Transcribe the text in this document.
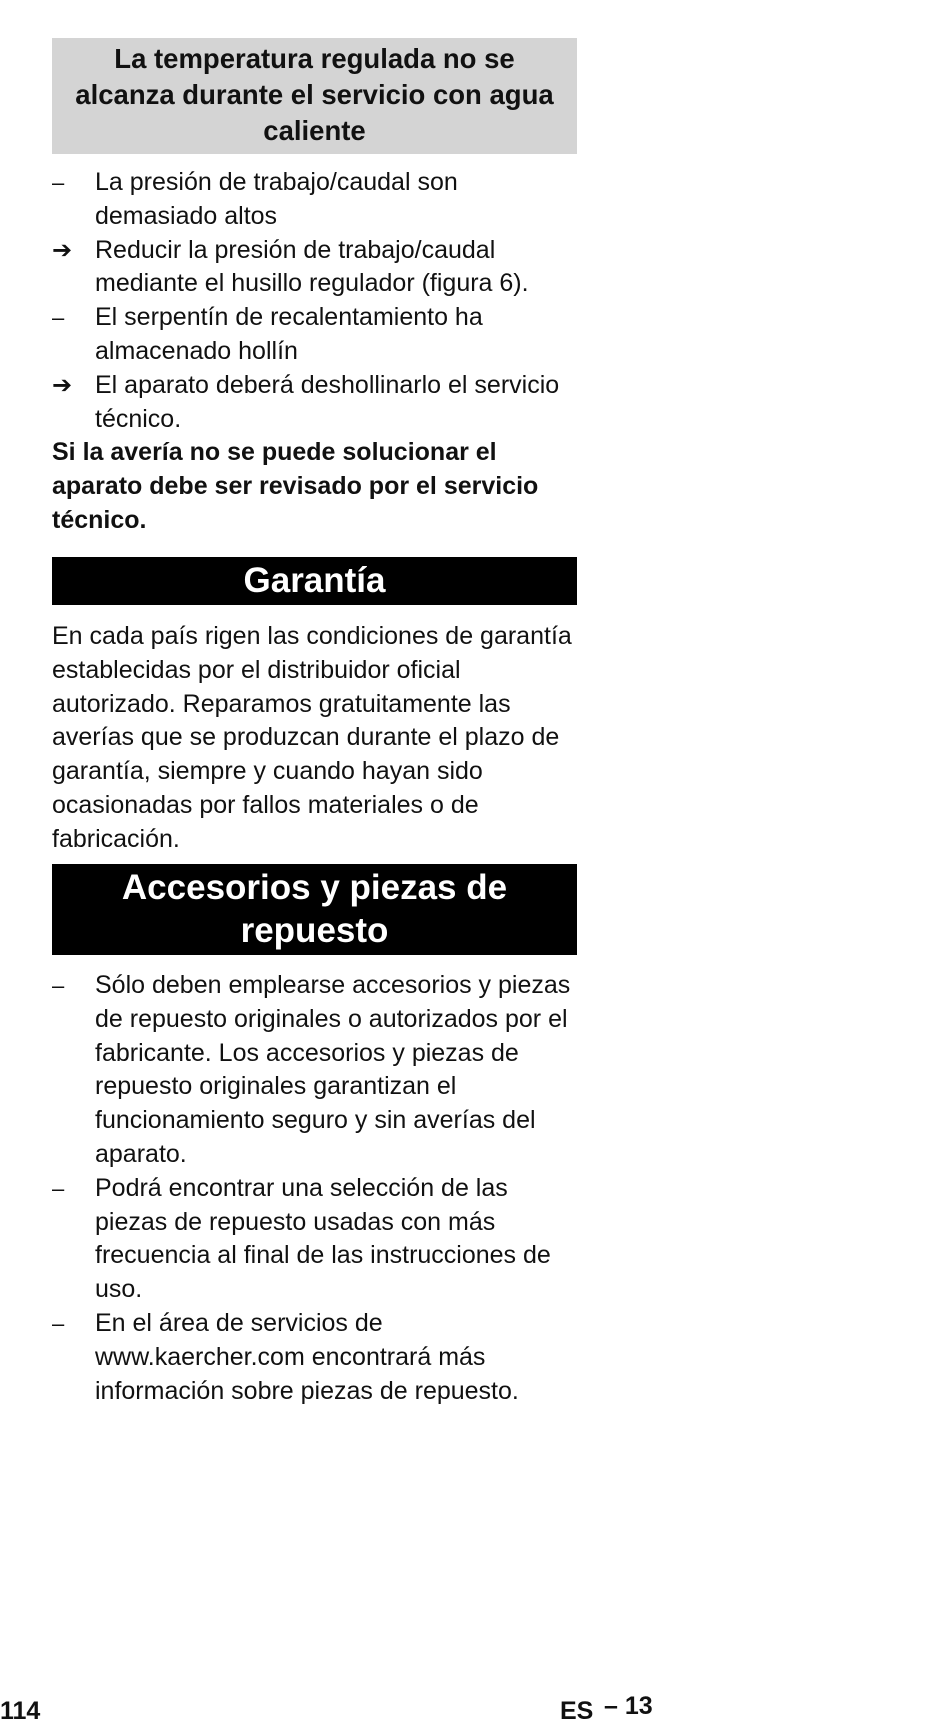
La temperatura regulada no se alcanza durante el servicio con agua caliente
–	La presión de trabajo/caudal son demasiado altos
➔ Reducir la presión de trabajo/caudal mediante el husillo regulador (figura 6).
–	El serpentín de recalentamiento ha almacenado hollín
➔ El aparato deberá deshollinarlo el servicio técnico.
Si la avería no se puede solucionar el aparato debe ser revisado por el servicio técnico.
Garantía
En cada país rigen las condiciones de garantía establecidas por el distribuidor oficial autorizado. Reparamos gratuitamente las averías que se produzcan durante el plazo de garantía, siempre y cuando hayan sido ocasionadas por fallos materiales o de fabricación.
Accesorios y piezas de repuesto
–	Sólo deben emplearse accesorios y piezas de repuesto originales o autorizados por el fabricante. Los accesorios y piezas de repuesto originales garantizan el funcionamiento seguro y sin averías del aparato.
–	Podrá encontrar una selección de las piezas de repuesto usadas con más frecuencia al final de las instrucciones de uso.
–	En el área de servicios de www.kaercher.com encontrará más información sobre piezas de repuesto.
114	ES – 13
